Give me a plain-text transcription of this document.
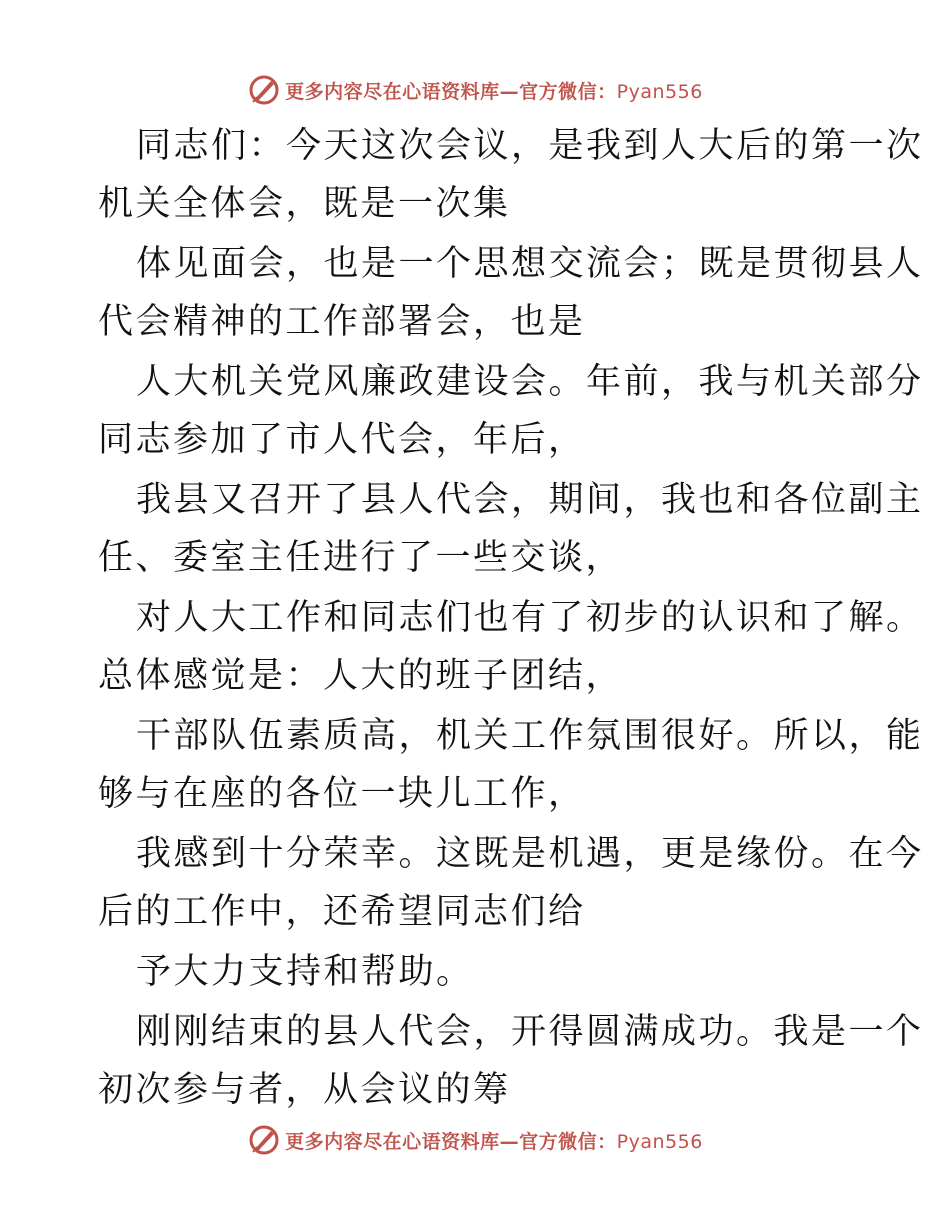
更多内容尽在心语资料库—官方微信：Pyan556
同志们：今天这次会议，是我到人大后的第一次
机关全体会，既是一次集
体见面会，也是一个思想交流会；既是贯彻县人
代会精神的工作部署会，也是
人大机关党风廉政建设会。年前，我与机关部分
同志参加了市人代会，年后，
我县又召开了县人代会，期间，我也和各位副主
任、委室主任进行了一些交谈，
对人大工作和同志们也有了初步的认识和了解。
总体感觉是：人大的班子团结，
干部队伍素质高，机关工作氛围很好。所以，能
够与在座的各位一块儿工作，
我感到十分荣幸。这既是机遇，更是缘份。在今
后的工作中，还希望同志们给
予大力支持和帮助。
刚刚结束的县人代会，开得圆满成功。我是一个
初次参与者，从会议的筹
更多内容尽在心语资料库—官方微信：Pyan556
